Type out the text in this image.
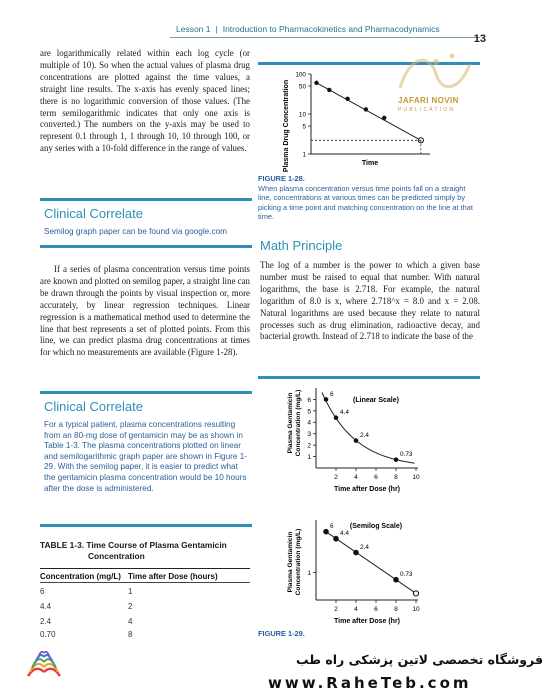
Lesson 1 | Introduction to Pharmacokinetics and Pharmacodynamics
13
are logarithmically related within each log cycle (or multiple of 10). So when the actual values of plasma drug concentrations are plotted against the time values, a straight line results. The x-axis has evenly spaced lines; there is no logarithmic conversion of those values. (The term semilogarithmic indicates that only one axis is converted.) The numbers on the y-axis may be used to represent 0.1 through 1, 1 through 10, 10 through 100, or any series with a 10-fold difference in the range of values.
Clinical Correlate
Semilog graph paper can be found via google.com
If a series of plasma concentration versus time points are known and plotted on semilog paper, a straight line can be drawn through the points by visual inspection or, more accurately, by linear regression techniques. Linear regression is a mathematical method used to determine the line that best represents a set of plotted points. From this line, we can predict plasma drug concentrations at times for which no measurements are available (Figure 1-28).
Clinical Correlate
For a typical patient, plasma concentrations resulting from an 80-mg dose of gentamicin may be as shown in Table 1-3. The plasma concentrations plotted on linear and semilogarithmic graph paper are shown in Figure 1-29. With the semilog paper, it is easier to predict what the gentamicin plasma concentration would be 10 hours after the dose is administered.
TABLE 1-3. Time Course of Plasma Gentamicin
Concentration
Concentration (mg/L) Time after Dose (hours)
6	1
4.4	2
2.4	4
0.70	8
Plasma Drug Concentration
100
50
10
5
1
Time
FIGURE 1-28.
When plasma concentration versus time points fall on a straight line, concentrations at various times can be predicted simply by picking a time point and matching concentration on the line at that time.
JAFARI NOVIN
PUBLICATION
Math Principle
The log of a number is the power to which a given base number must be raised to equal that number. With natural logarithms, the base is 2.718. For example, the natural logarithm of 8.0 is x, where 2.718^x = 8.0 and x = 2.08. Natural logarithms are used because they relate to natural processes such as drug elimination, radioactive decay, and bacterial growth. Instead of 2.718 to indicate the base of the
Plasma Gentamicin Concentration (mg/L)
2 4 6 8 10
1
2
3
4
5
6
6
4.4
2.4
0.73
(Linear Scale)
Time after Dose (hr)
Plasma Gentamicin Concentration (mg/L)
2 4 6 8 10
1
6
4.4
2.4
0.73
(Semilog Scale)
Time after Dose (hr)
FIGURE 1-29.

فروشگاه تخصصی لاتین پزشکی راه طب
www.RaheTeb.com
